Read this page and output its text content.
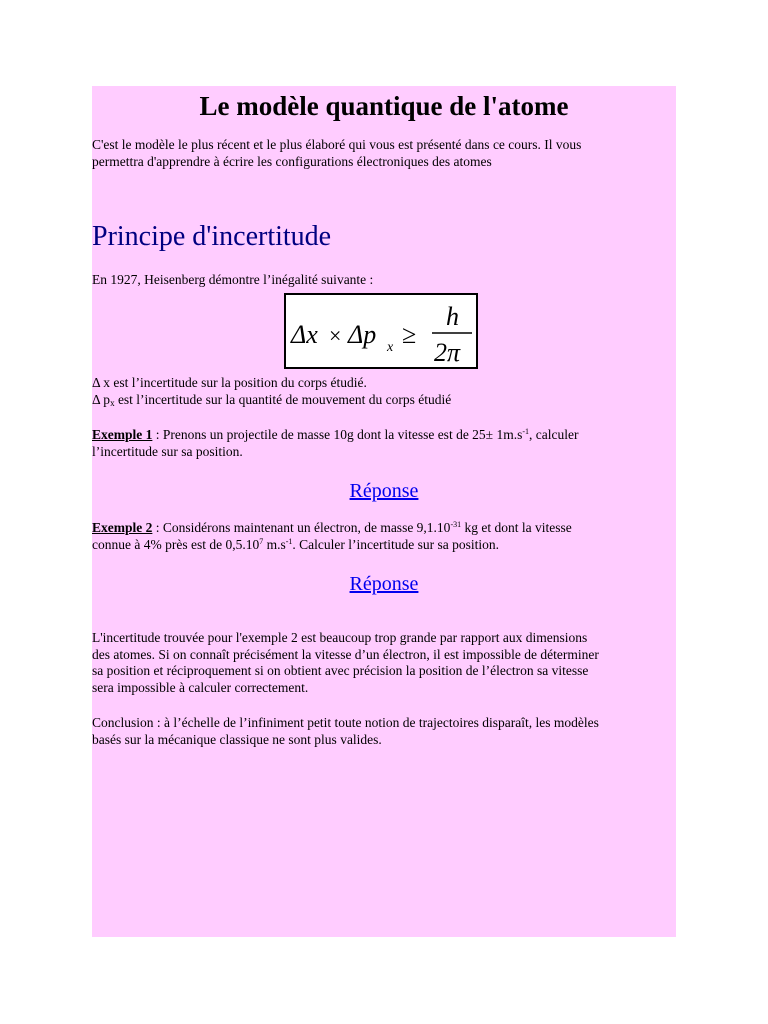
Le modèle quantique de l'atome
C'est le modèle le plus récent et le plus élaboré qui vous est présenté dans ce cours. Il vous
permettra d'apprendre à écrire les configurations électroniques des atomes
Principe d'incertitude
En 1927, Heisenberg démontre l’inégalité suivante :
Δx × Δp x ≥
h
2π
Δ x est l’incertitude sur la position du corps étudié.
Δ $p_x$ est l’incertitude sur la quantité de mouvement du corps étudié
Exemple 1 : Prenons un projectile de masse 10g dont la vitesse est de $25\pm 1m.s^{-1}$, calculer
l’incertitude sur sa position.
Réponse
Exemple 2 : Considérons maintenant un électron, de masse $9,1.10^{-31}$ kg et dont la vitesse
connue à 4% près est de 0,5.10$^7$ $m.s^{-1}$. Calculer l’incertitude sur sa position.
Réponse
L'incertitude trouvée pour l'exemple 2 est beaucoup trop grande par rapport aux dimensions
des atomes. Si on connaît précisément la vitesse d’un électron, il est impossible de déterminer
sa position et réciproquement si on obtient avec précision la position de l’électron sa vitesse
sera impossible à calculer correctement.
Conclusion : à l’échelle de l’infiniment petit toute notion de trajectoires disparaît, les modèles
basés sur la mécanique classique ne sont plus valides.
